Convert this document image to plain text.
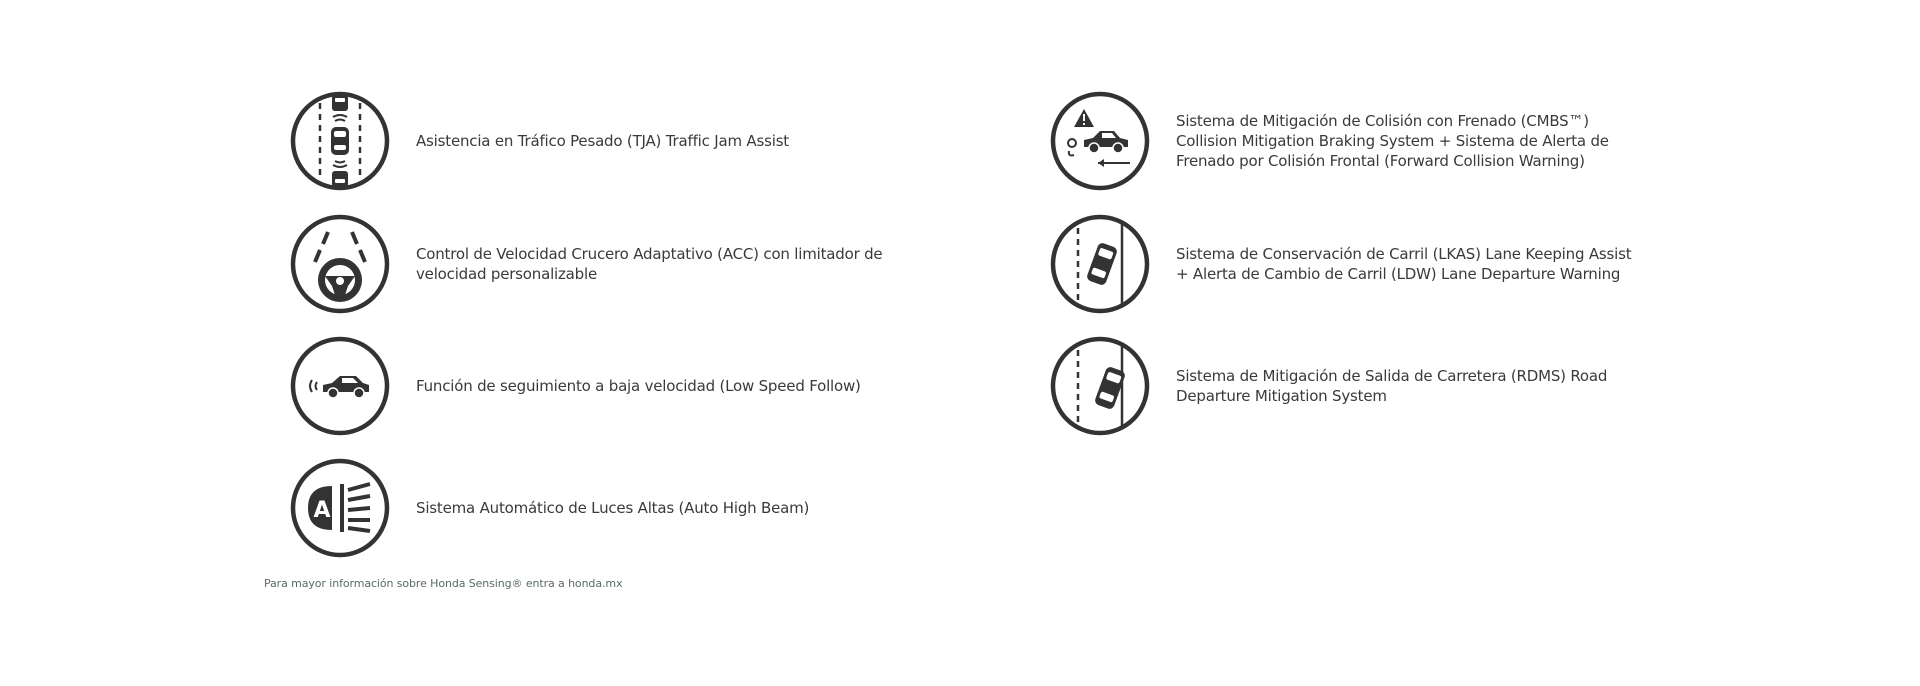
Asistencia en Tráfico Pesado (TJA) Traffic Jam Assist
Control de Velocidad Crucero Adaptativo (ACC) con limitador de velocidad personalizable
Función de seguimiento a baja velocidad (Low Speed Follow)
A	Sistema Automático de Luces Altas (Auto High Beam)
Sistema de Mitigación de Colisión con Frenado (CMBS™) Collision Mitigation Braking System + Sistema de Alerta de Frenado por Colisión Frontal (Forward Collision Warning)
Sistema de Conservación de Carril (LKAS) Lane Keeping Assist + Alerta de Cambio de Carril (LDW) Lane Departure Warning
Sistema de Mitigación de Salida de Carretera (RDMS) Road Departure Mitigation System
Para mayor información sobre Honda Sensing® entra a honda.mx
